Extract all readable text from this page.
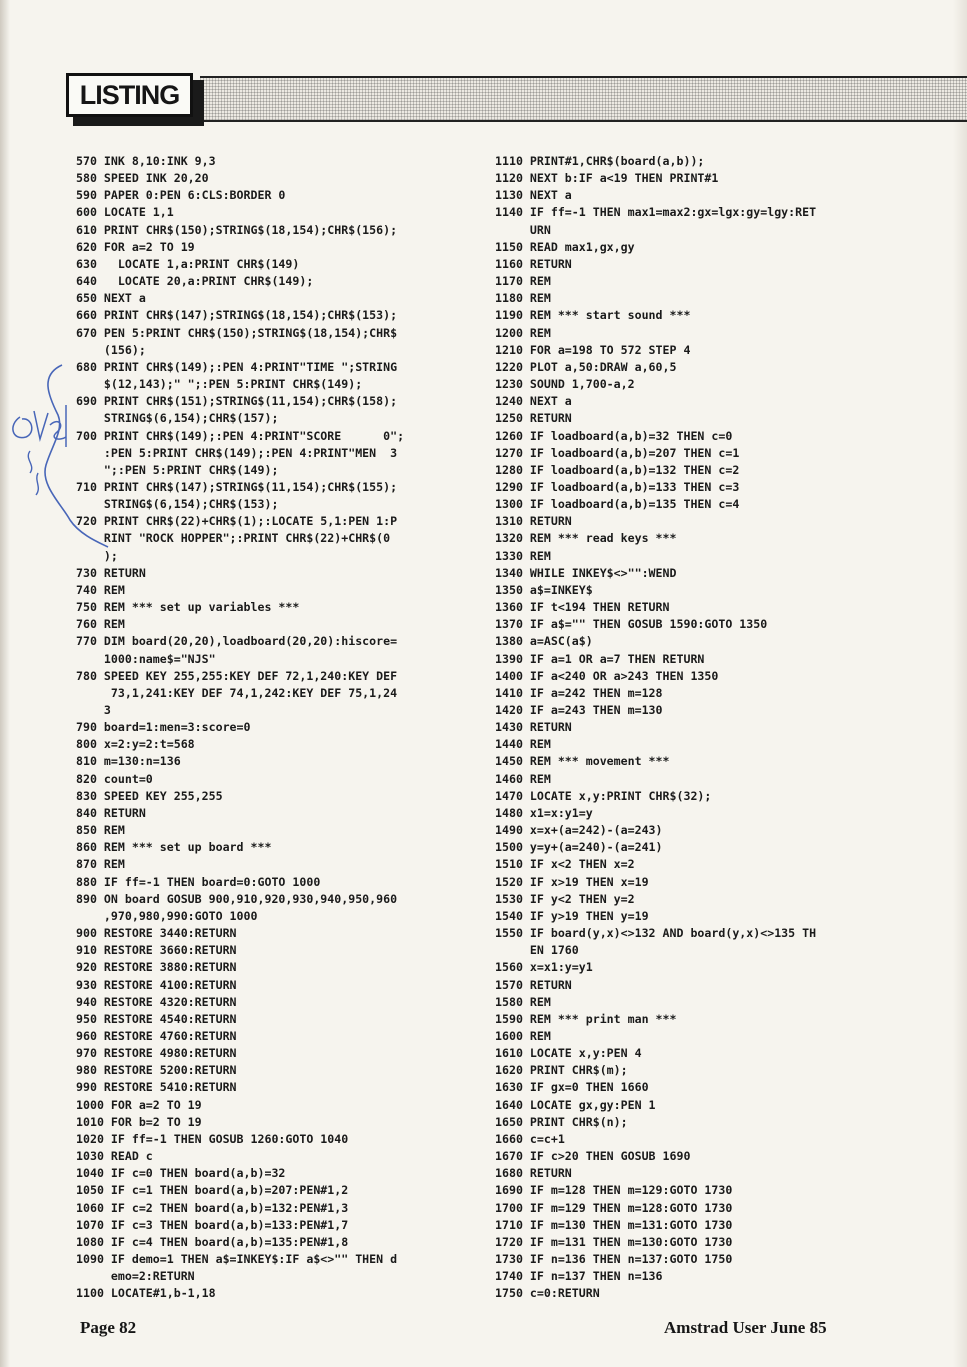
LISTING
570 INK 8,10:INK 9,3
580 SPEED INK 20,20
590 PAPER 0:PEN 6:CLS:BORDER 0
600 LOCATE 1,1
610 PRINT CHR$(150);STRING$(18,154);CHR$(156);
620 FOR a=2 TO 19
630   LOCATE 1,a:PRINT CHR$(149)
640   LOCATE 20,a:PRINT CHR$(149);
650 NEXT a
660 PRINT CHR$(147);STRING$(18,154);CHR$(153);
670 PEN 5:PRINT CHR$(150);STRING$(18,154);CHR$
(156);
680 PRINT CHR$(149);:PEN 4:PRINT"TIME ";STRING
$(12,143);" ";:PEN 5:PRINT CHR$(149);
690 PRINT CHR$(151);STRING$(11,154);CHR$(158);
STRING$(6,154);CHR$(157);
700 PRINT CHR$(149);:PEN 4:PRINT"SCORE      0";
:PEN 5:PRINT CHR$(149);:PEN 4:PRINT"MEN  3
";:PEN 5:PRINT CHR$(149);
710 PRINT CHR$(147);STRING$(11,154);CHR$(155);
STRING$(6,154);CHR$(153);
720 PRINT CHR$(22)+CHR$(1);:LOCATE 5,1:PEN 1:P
RINT "ROCK HOPPER";:PRINT CHR$(22)+CHR$(0
);
730 RETURN
740 REM
750 REM *** set up variables ***
760 REM
770 DIM board(20,20),loadboard(20,20):hiscore=
1000:name$="NJS"
780 SPEED KEY 255,255:KEY DEF 72,1,240:KEY DEF
73,1,241:KEY DEF 74,1,242:KEY DEF 75,1,24
3
790 board=1:men=3:score=0
800 x=2:y=2:t=568
810 m=130:n=136
820 count=0
830 SPEED KEY 255,255
840 RETURN
850 REM
860 REM *** set up board ***
870 REM
880 IF ff=-1 THEN board=0:GOTO 1000
890 ON board GOSUB 900,910,920,930,940,950,960
,970,980,990:GOTO 1000
900 RESTORE 3440:RETURN
910 RESTORE 3660:RETURN
920 RESTORE 3880:RETURN
930 RESTORE 4100:RETURN
940 RESTORE 4320:RETURN
950 RESTORE 4540:RETURN
960 RESTORE 4760:RETURN
970 RESTORE 4980:RETURN
980 RESTORE 5200:RETURN
990 RESTORE 5410:RETURN
1000 FOR a=2 TO 19
1010 FOR b=2 TO 19
1020 IF ff=-1 THEN GOSUB 1260:GOTO 1040
1030 READ c
1040 IF c=0 THEN board(a,b)=32
1050 IF c=1 THEN board(a,b)=207:PEN#1,2
1060 IF c=2 THEN board(a,b)=132:PEN#1,3
1070 IF c=3 THEN board(a,b)=133:PEN#1,7
1080 IF c=4 THEN board(a,b)=135:PEN#1,8
1090 IF demo=1 THEN a$=INKEY$:IF a$<>"" THEN d
emo=2:RETURN
1100 LOCATE#1,b-1,18
1110 PRINT#1,CHR$(board(a,b));
1120 NEXT b:IF a<19 THEN PRINT#1
1130 NEXT a
1140 IF ff=-1 THEN max1=max2:gx=lgx:gy=lgy:RET
URN
1150 READ max1,gx,gy
1160 RETURN
1170 REM
1180 REM
1190 REM *** start sound ***
1200 REM
1210 FOR a=198 TO 572 STEP 4
1220 PLOT a,50:DRAW a,60,5
1230 SOUND 1,700-a,2
1240 NEXT a
1250 RETURN
1260 IF loadboard(a,b)=32 THEN c=0
1270 IF loadboard(a,b)=207 THEN c=1
1280 IF loadboard(a,b)=132 THEN c=2
1290 IF loadboard(a,b)=133 THEN c=3
1300 IF loadboard(a,b)=135 THEN c=4
1310 RETURN
1320 REM *** read keys ***
1330 REM
1340 WHILE INKEY$<>"":WEND
1350 a$=INKEY$
1360 IF t<194 THEN RETURN
1370 IF a$="" THEN GOSUB 1590:GOTO 1350
1380 a=ASC(a$)
1390 IF a=1 OR a=7 THEN RETURN
1400 IF a<240 OR a>243 THEN 1350
1410 IF a=242 THEN m=128
1420 IF a=243 THEN m=130
1430 RETURN
1440 REM
1450 REM *** movement ***
1460 REM
1470 LOCATE x,y:PRINT CHR$(32);
1480 x1=x:y1=y
1490 x=x+(a=242)-(a=243)
1500 y=y+(a=240)-(a=241)
1510 IF x<2 THEN x=2
1520 IF x>19 THEN x=19
1530 IF y<2 THEN y=2
1540 IF y>19 THEN y=19
1550 IF board(y,x)<>132 AND board(y,x)<>135 TH
EN 1760
1560 x=x1:y=y1
1570 RETURN
1580 REM
1590 REM *** print man ***
1600 REM
1610 LOCATE x,y:PEN 4
1620 PRINT CHR$(m);
1630 IF gx=0 THEN 1660
1640 LOCATE gx,gy:PEN 1
1650 PRINT CHR$(n);
1660 c=c+1
1670 IF c>20 THEN GOSUB 1690
1680 RETURN
1690 IF m=128 THEN m=129:GOTO 1730
1700 IF m=129 THEN m=128:GOTO 1730
1710 IF m=130 THEN m=131:GOTO 1730
1720 IF m=131 THEN m=130:GOTO 1730
1730 IF n=136 THEN n=137:GOTO 1750
1740 IF n=137 THEN n=136
1750 c=0:RETURN
Page 82	Amstrad User June 85
